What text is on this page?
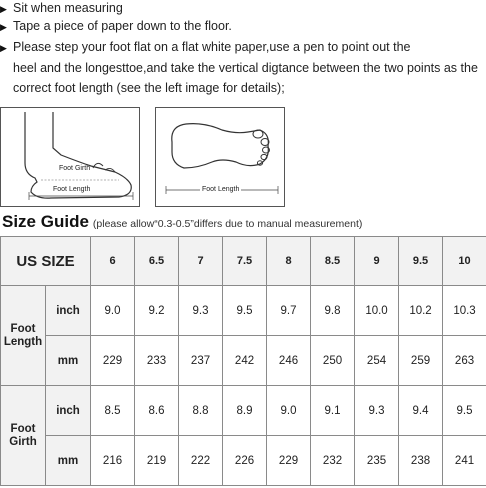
▶ Sit when measuring
▶ Tape a piece of paper down to the floor.
▶ Please step your foot flat on a flat white paper,use a pen to point out the
heel and the longesttoe,and take the vertical digtance between the two points as the
correct foot length (see the left image for details);
Foot Girth
Foot Length	Foot Length
Size Guide (please allow“0.3-0.5”differs due to manual measurement)
US SIZE		6	6.5	7	7.5	8	8.5	9	9.5	10

Foot
Length	inch	9.0	9.2	9.3	9.5	9.7	9.8	10.0	10.2	10.3
	mm	229	233	237	242	246	250	254	259	263

Foot
Girth	inch	8.5	8.6	8.8	8.9	9.0	9.1	9.3	9.4	9.5
	mm	216	219	222	226	229	232	235	238	241
